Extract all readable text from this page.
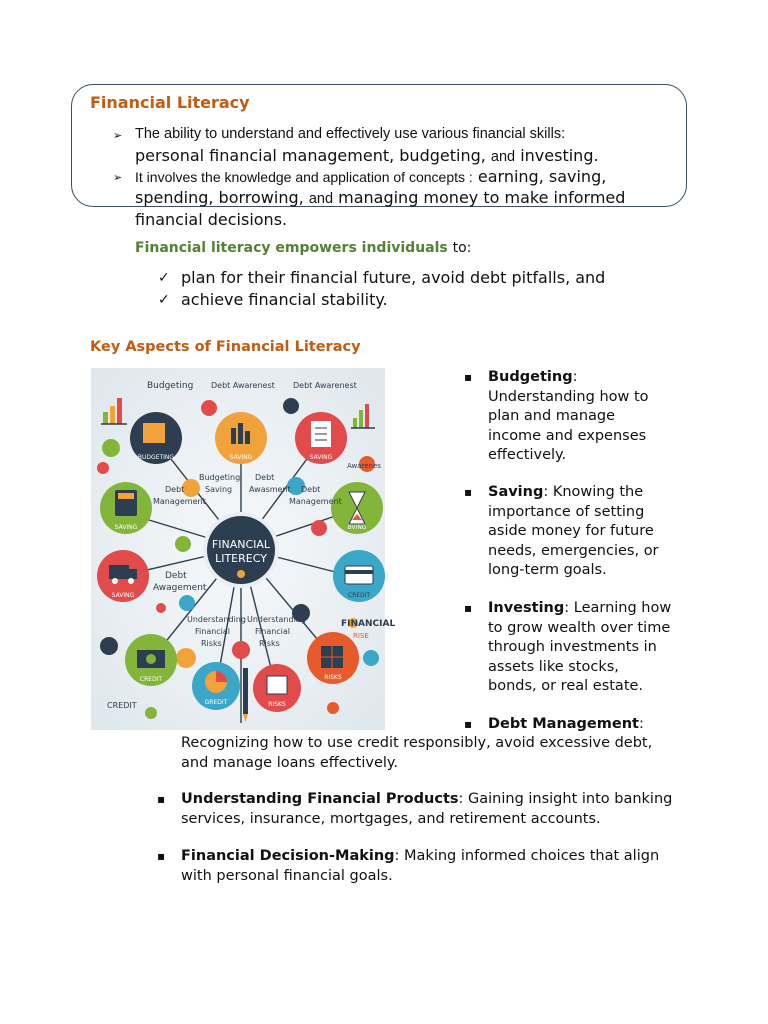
Financial Literacy
➢ The ability to understand and effectively use various financial skills:
personal financial management, budgeting, and investing.
➢ It involves the knowledge and application of concepts : earning, saving,
spending, borrowing, and managing money to make informed
financial decisions.
Financial literacy empowers individuals to:
✓ plan for their financial future, avoid debt pitfalls, and
✓ achieve financial stability.
Key Aspects of Financial Literacy
BUDGETING	SAVING	SAVING
SAVING	BVING
SAVING	CREDIT
CREDIT	RISKS
GREDIT	RISKS
FINANCIAL
LITERECY
Budgeting Debt Awarenest Debt Awarenest
Budgeting
Saving
Debt
Awasment
Debt
Management
Debt
Management
Debt
Awagement
Understanding
Financial
Risks
Understanding
Financial
Risks
FINANCIAL
RISE
Awarenes
CREDIT
▪ Budgeting:
Understanding how to
plan and manage
income and expenses
effectively.
▪ Saving: Knowing the
importance of setting
aside money for future
needs, emergencies, or
long-term goals.
▪ Investing: Learning how
to grow wealth over time
through investments in
assets like stocks,
bonds, or real estate.
▪ Debt Management:
Recognizing how to use credit responsibly, avoid excessive debt,
and manage loans effectively.
▪ Understanding Financial Products: Gaining insight into banking
services, insurance, mortgages, and retirement accounts.
▪ Financial Decision-Making: Making informed choices that align
with personal financial goals.
